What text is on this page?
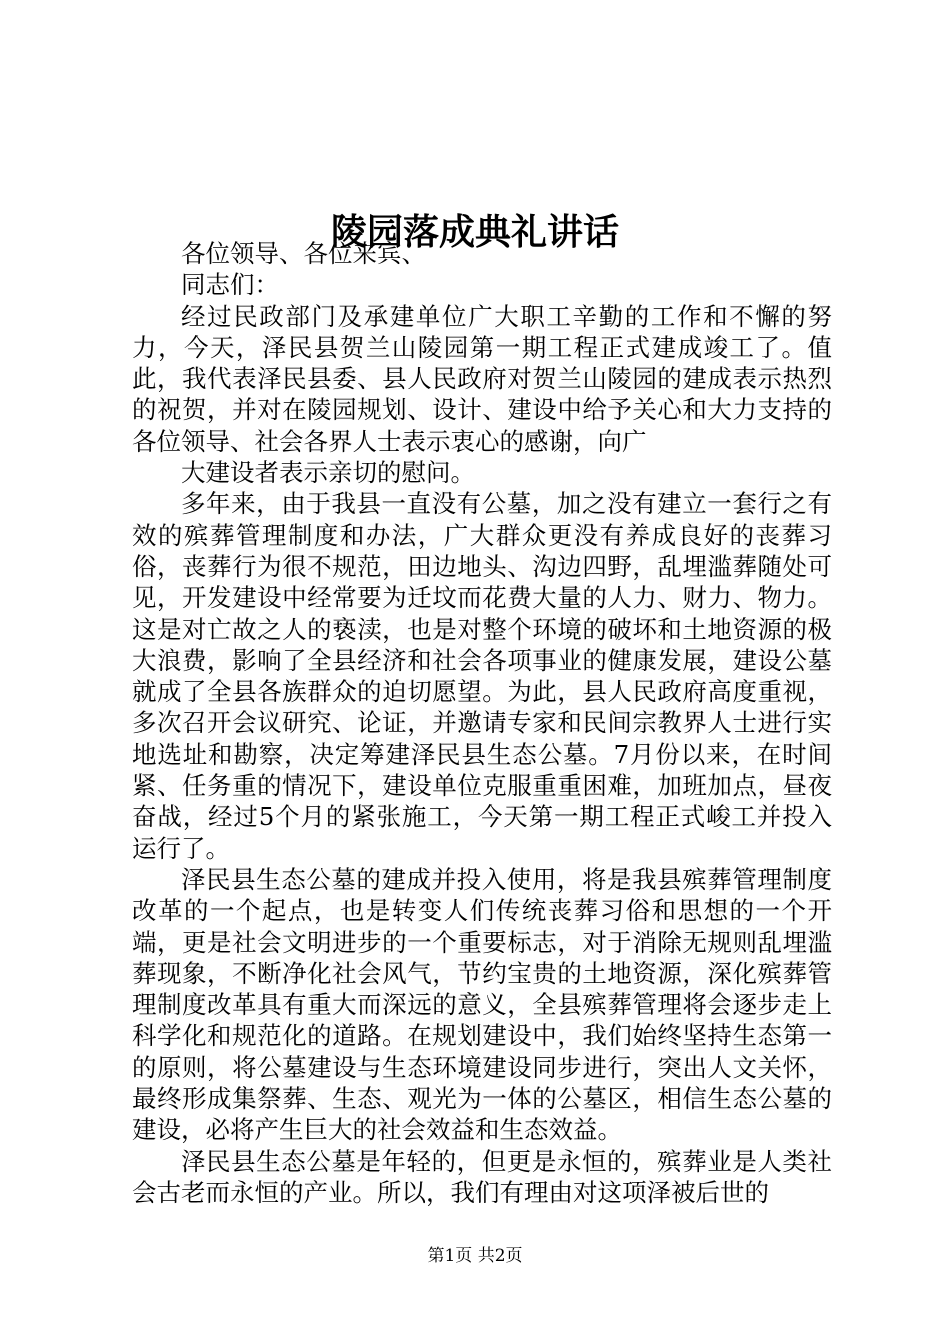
陵园落成典礼讲话

各位领导、各位来宾、

同志们：

经过民政部门及承建单位广大职工辛勤的工作和不懈的努力，今天，泽民县贺兰山陵园第一期工程正式建成竣工了。值此，我代表泽民县委、县人民政府对贺兰山陵园的建成表示热烈的祝贺，并对在陵园规划、设计、建设中给予关心和大力支持的各位领导、社会各界人士表示衷心的感谢，向广

大建设者表示亲切的慰问。

多年来，由于我县一直没有公墓，加之没有建立一套行之有效的殡葬管理制度和办法，广大群众更没有养成良好的丧葬习俗，丧葬行为很不规范，田边地头、沟边四野，乱埋滥葬随处可见，开发建设中经常要为迁坟而花费大量的人力、财力、物力。这是对亡故之人的亵渎，也是对整个环境的破坏和土地资源的极大浪费，影响了全县经济和社会各项事业的健康发展，建设公墓就成了全县各族群众的迫切愿望。为此，县人民政府高度重视，多次召开会议研究、论证，并邀请专家和民间宗教界人士进行实地选址和勘察，决定筹建泽民县生态公墓。7月份以来，在时间紧、任务重的情况下，建设单位克服重重困难，加班加点，昼夜奋战，经过5个月的紧张施工，今天第一期工程正式峻工并投入运行了。

泽民县生态公墓的建成并投入使用，将是我县殡葬管理制度改革的一个起点，也是转变人们传统丧葬习俗和思想的一个开端，更是社会文明进步的一个重要标志，对于消除无规则乱埋滥葬现象，不断净化社会风气，节约宝贵的土地资源，深化殡葬管理制度改革具有重大而深远的意义，全县殡葬管理将会逐步走上科学化和规范化的道路。在规划建设中，我们始终坚持生态第一的原则，将公墓建设与生态环境建设同步进行，突出人文关怀，最终形成集祭葬、生态、观光为一体的公墓区，相信生态公墓的建设，必将产生巨大的社会效益和生态效益。

泽民县生态公墓是年轻的，但更是永恒的，殡葬业是人类社会古老而永恒的产业。所以，我们有理由对这项泽被后世的

第1页 共2页
